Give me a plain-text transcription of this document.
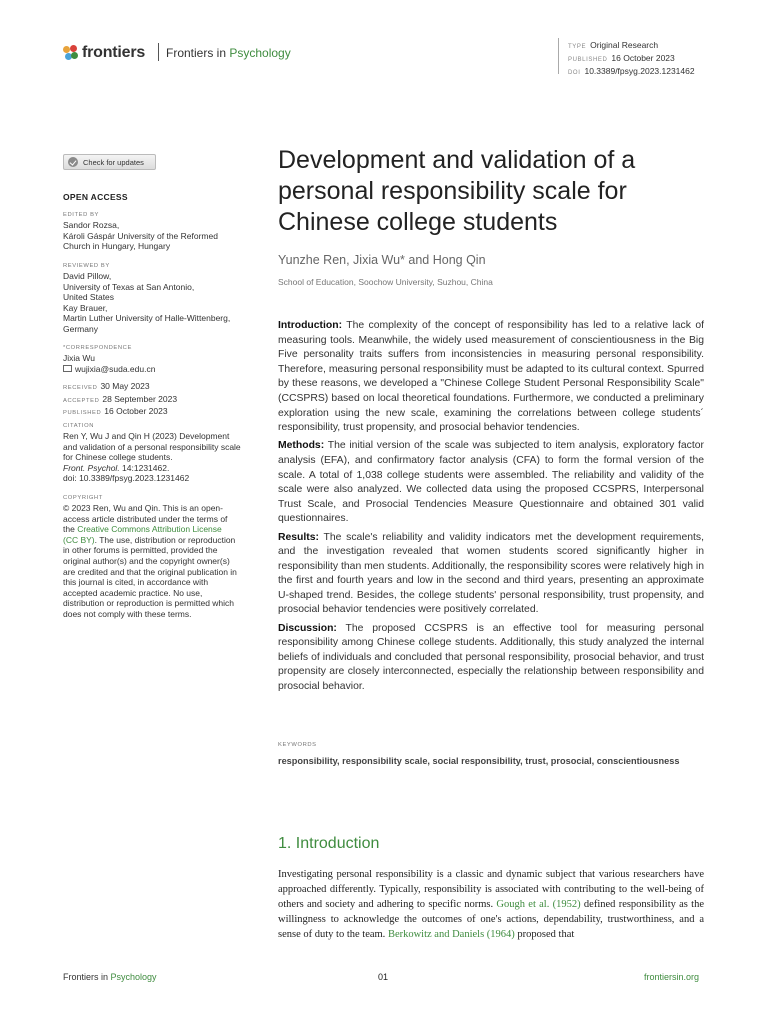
frontiers Frontiers in Psychology	TYPE Original Research
PUBLISHED 16 October 2023
DOI 10.3389/fpsyg.2023.1231462
Check for updates
OPEN ACCESS
EDITED BY
Sandor Rozsa,
Károli Gáspár University of the Reformed
Church in Hungary, Hungary
REVIEWED BY
David Pillow,
University of Texas at San Antonio,
United States
Kay Brauer,
Martin Luther University of Halle-Wittenberg,
Germany
*CORRESPONDENCE
Jixia Wu
wujixia@suda.edu.cn
RECEIVED 30 May 2023
ACCEPTED 28 September 2023
PUBLISHED 16 October 2023
CITATION
Ren Y, Wu J and Qin H (2023) Development
and validation of a personal responsibility scale
for Chinese college students.
Front. Psychol. 14:1231462.
doi: 10.3389/fpsyg.2023.1231462
COPYRIGHT
© 2023 Ren, Wu and Qin. This is an open-
access article distributed under the terms of
the Creative Commons Attribution License
(CC BY). The use, distribution or reproduction
in other forums is permitted, provided the
original author(s) and the copyright owner(s)
are credited and that the original publication in
this journal is cited, in accordance with
accepted academic practice. No use,
distribution or reproduction is permitted which
does not comply with these terms.
Development and validation of a personal responsibility scale for Chinese college students
Yunzhe Ren, Jixia Wu* and Hong Qin
School of Education, Soochow University, Suzhou, China

Introduction: The complexity of the concept of responsibility has led to a relative lack of measuring tools. Meanwhile, the widely used measurement of conscientiousness in the Big Five personality traits suffers from inconsistencies in measuring personal responsibility. Therefore, measuring personal responsibility must be adapted to its cultural context. Spurred by these reasons, we developed a "Chinese College Student Personal Responsibility Scale" (CCSPRS) based on local theoretical foundations. Furthermore, we conducted a preliminary exploration using the new scale, examining the correlations between college students´ responsibility, trust propensity, and prosocial behavior tendencies.

Methods: The initial version of the scale was subjected to item analysis, exploratory factor analysis (EFA), and confirmatory factor analysis (CFA) to form the formal version of the scale. A total of 1,038 college students were assembled. The reliability and validity of the scale were also analyzed. We collected data using the proposed CCSPRS, Interpersonal Trust Scale, and Prosocial Tendencies Measure Questionnaire and obtained 301 valid questionnaires.

Results: The scale's reliability and validity indicators met the development requirements, and the investigation revealed that women students scored significantly higher in responsibility than men students. Additionally, the responsibility scores were relatively high in the first and fourth years and low in the second and third years, presenting an approximate U-shaped trend. Besides, the college students' personal responsibility, trust propensity, and prosocial behavior tendencies were positively correlated.

Discussion: The proposed CCSPRS is an effective tool for measuring personal responsibility among Chinese college students. Additionally, this study analyzed the internal beliefs of individuals and concluded that personal responsibility, prosocial behavior, and trust propensity are closely interconnected, especially the relationship between responsibility and prosocial behavior.

KEYWORDS
responsibility, responsibility scale, social responsibility, trust, prosocial, conscientiousness
1. Introduction
Investigating personal responsibility is a classic and dynamic subject that various researchers have approached differently. Typically, responsibility is associated with contributing to the well-being of others and society and adhering to specific norms. Gough et al. (1952) defined responsibility as the willingness to acknowledge the outcomes of one's actions, dependability, trustworthiness, and a sense of duty to the team. Berkowitz and Daniels (1964) proposed that
Frontiers in Psychology	01	frontiersin.org
